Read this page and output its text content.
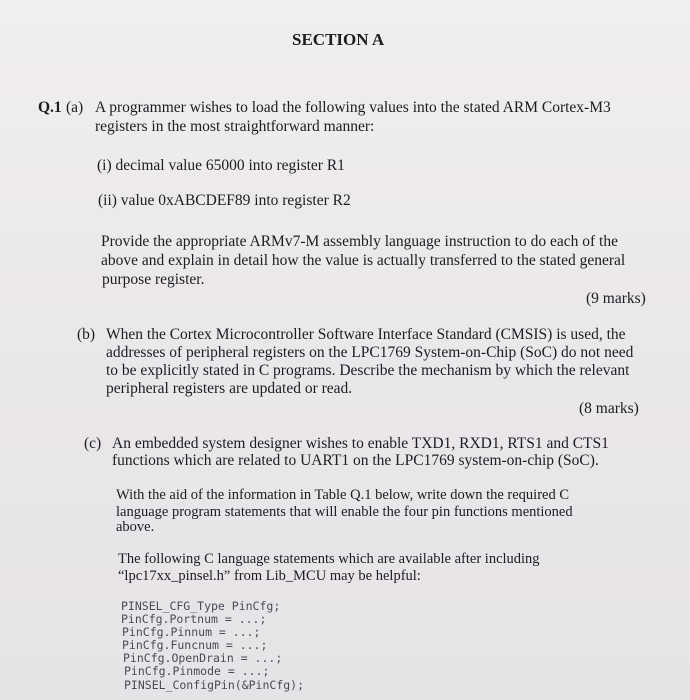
SECTION A
Q.1 (a) A programmer wishes to load the following values into the stated ARM Cortex-M3
registers in the most straightforward manner:
(i) decimal value 65000 into register R1
(ii) value 0xABCDEF89 into register R2
Provide the appropriate ARMv7-M assembly language instruction to do each of the
above and explain in detail how the value is actually transferred to the stated general
purpose register.
(9 marks)
(b) When the Cortex Microcontroller Software Interface Standard (CMSIS) is used, the
addresses of peripheral registers on the LPC1769 System-on-Chip (SoC) do not need
to be explicitly stated in C programs. Describe the mechanism by which the relevant
peripheral registers are updated or read.
(8 marks)
(c) An embedded system designer wishes to enable TXD1, RXD1, RTS1 and CTS1
functions which are related to UART1 on the LPC1769 system-on-chip (SoC).
With the aid of the information in Table Q.1 below, write down the required C
language program statements that will enable the four pin functions mentioned
above.
The following C language statements which are available after including
“lpc17xx_pinsel.h” from Lib_MCU may be helpful:
PINSEL_CFG_Type PinCfg;
PinCfg.Portnum = ...;
PinCfg.Pinnum = ...;
PinCfg.Funcnum = ...;
PinCfg.OpenDrain = ...;
PinCfg.Pinmode = ...;
PINSEL_ConfigPin(&PinCfg);
